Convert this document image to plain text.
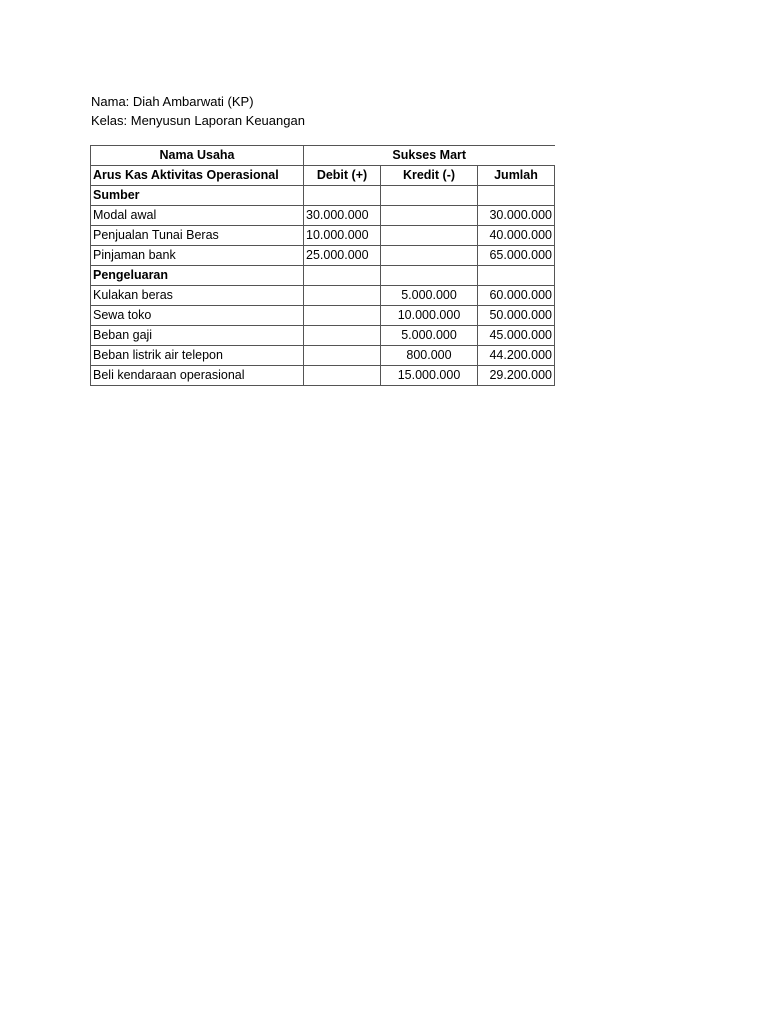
Nama: Diah Ambarwati (KP)
Kelas: Menyusun Laporan Keuangan
Nama Usaha	Sukses Mart		
Arus Kas Aktivitas Operasional	Debit (+)	Kredit (-)	Jumlah
Sumber			
Modal awal	30.000.000		30.000.000
Penjualan Tunai Beras	10.000.000		40.000.000
Pinjaman bank	25.000.000		65.000.000
Pengeluaran			
Kulakan beras		5.000.000	60.000.000
Sewa toko		10.000.000	50.000.000
Beban gaji		5.000.000	45.000.000
Beban listrik air telepon		800.000	44.200.000
Beli kendaraan operasional		15.000.000	29.200.000
